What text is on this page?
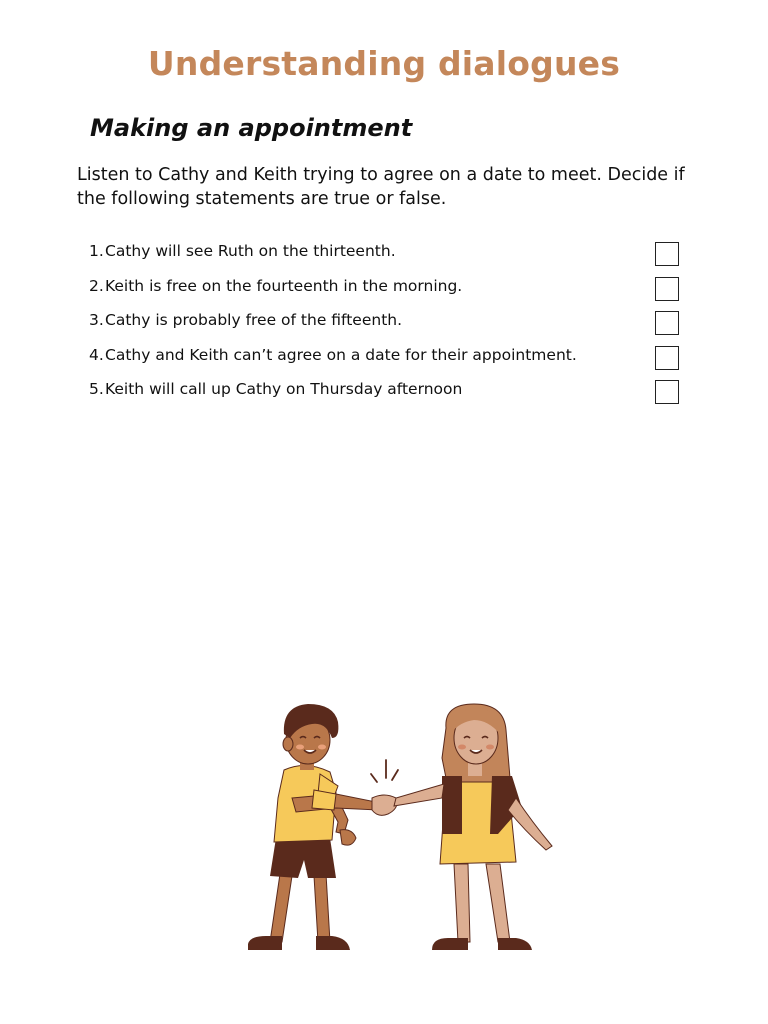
Understanding dialogues
Making an appointment

Listen to Cathy and Keith trying to agree on a date to meet. Decide if the following statements are true or false.

1. Cathy will see Ruth on the thirteenth.
2. Keith is free on the fourteenth in the morning.
3. Cathy is probably free of the fifteenth.
4. Cathy and Keith can’t agree on a date for their appointment.
5. Keith will call up Cathy on Thursday afternoon
